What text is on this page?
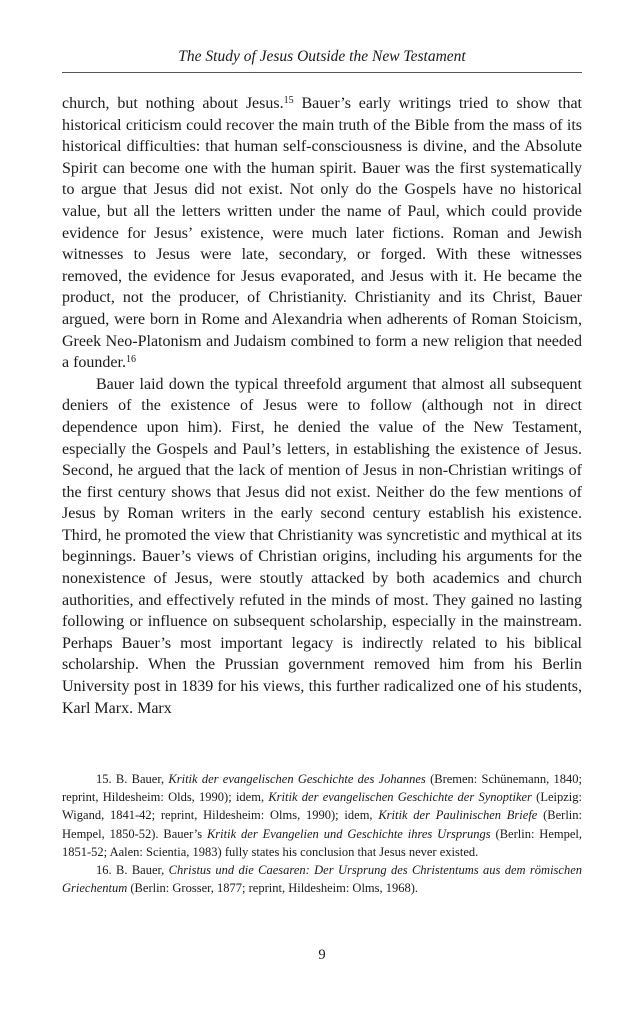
The Study of Jesus Outside the New Testament

church, but nothing about Jesus.$^{15}$ Bauer’s early writings tried to show that historical criticism could recover the main truth of the Bible from the mass of its historical difficulties: that human self-consciousness is divine, and the Absolute Spirit can become one with the human spirit. Bauer was the first systematically to argue that Jesus did not exist. Not only do the Gospels have no historical value, but all the letters written under the name of Paul, which could provide evidence for Jesus’ existence, were much later fictions. Roman and Jewish witnesses to Jesus were late, secondary, or forged. With these witnesses removed, the evidence for Jesus evaporated, and Jesus with it. He became the product, not the producer, of Christianity. Christianity and its Christ, Bauer argued, were born in Rome and Alexandria when adherents of Roman Stoicism, Greek Neo-Platonism and Judaism combined to form a new religion that needed a founder.$^{16}$

Bauer laid down the typical threefold argument that almost all subsequent deniers of the existence of Jesus were to follow (although not in direct dependence upon him). First, he denied the value of the New Testament, especially the Gospels and Paul’s letters, in establishing the existence of Jesus. Second, he argued that the lack of mention of Jesus in non-Christian writings of the first century shows that Jesus did not exist. Neither do the few mentions of Jesus by Roman writers in the early second century establish his existence. Third, he promoted the view that Christianity was syncretistic and mythical at its beginnings. Bauer’s views of Christian origins, including his arguments for the nonexistence of Jesus, were stoutly attacked by both academics and church authorities, and effectively refuted in the minds of most. They gained no lasting following or influence on subsequent scholarship, especially in the mainstream. Perhaps Bauer’s most important legacy is indirectly related to his biblical scholarship. When the Prussian government removed him from his Berlin University post in 1839 for his views, this further radicalized one of his students, Karl Marx. Marx

15. B. Bauer, Kritik der evangelischen Geschichte des Johannes (Bremen: Schünemann, 1840; reprint, Hildesheim: Olds, 1990); idem, Kritik der evangelischen Geschichte der Synoptiker (Leipzig: Wigand, 1841-42; reprint, Hildesheim: Olms, 1990); idem, Kritik der Paulinischen Briefe (Berlin: Hempel, 1850-52). Bauer’s Kritik der Evangelien und Geschichte ihres Ursprungs (Berlin: Hempel, 1851-52; Aalen: Scientia, 1983) fully states his conclusion that Jesus never existed.

16. B. Bauer, Christus und die Caesaren: Der Ursprung des Christentums aus dem römischen Griechentum (Berlin: Grosser, 1877; reprint, Hildesheim: Olms, 1968).

9
